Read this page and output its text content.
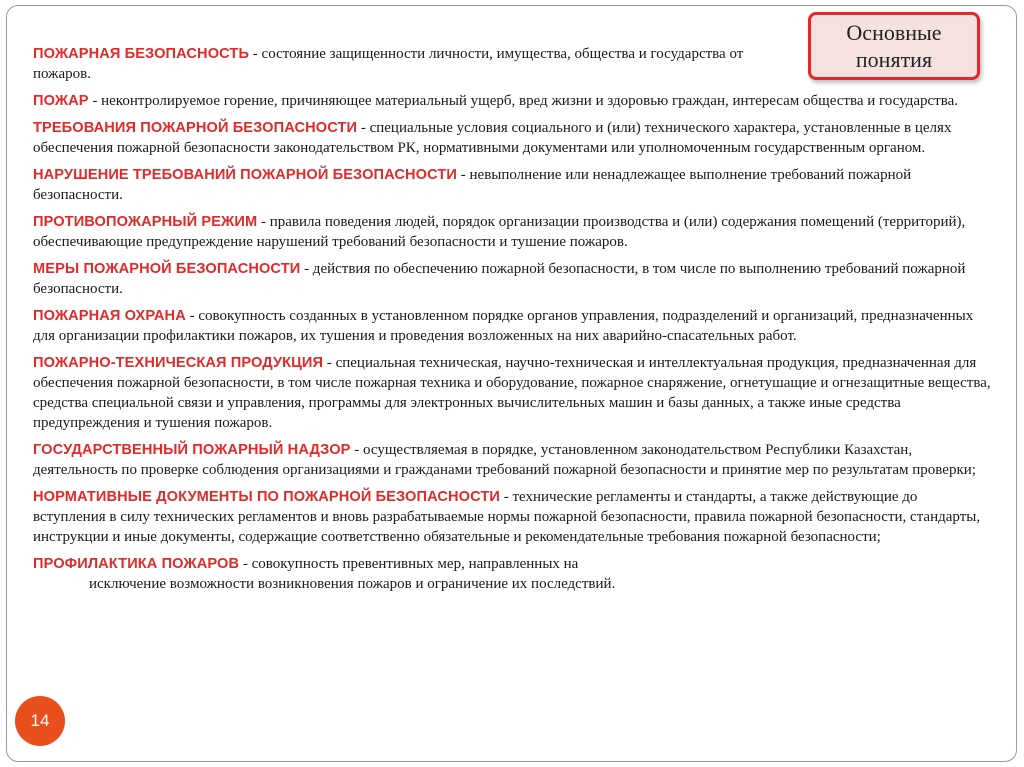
Основные понятия

ПОЖАРНАЯ БЕЗОПАСНОСТЬ - состояние защищенности личности, имущества, общества и государства от пожаров.

ПОЖАР - неконтролируемое горение, причиняющее материальный ущерб, вред жизни и здоровью граждан, интересам общества и государства.

ТРЕБОВАНИЯ ПОЖАРНОЙ БЕЗОПАСНОСТИ - специальные условия социального и (или) технического характера, установленные в целях обеспечения пожарной безопасности законодательством РК, нормативными документами или уполномоченным государственным органом.

НАРУШЕНИЕ ТРЕБОВАНИЙ ПОЖАРНОЙ БЕЗОПАСНОСТИ - невыполнение или ненадлежащее выполнение требований пожарной безопасности.

ПРОТИВОПОЖАРНЫЙ РЕЖИМ - правила поведения людей, порядок организации производства и (или) содержания помещений (территорий), обеспечивающие предупреждение нарушений требований безопасности и тушение пожаров.

МЕРЫ ПОЖАРНОЙ БЕЗОПАСНОСТИ - действия по обеспечению пожарной безопасности, в том числе по выполнению требований пожарной безопасности.

ПОЖАРНАЯ ОХРАНА - совокупность созданных в установленном порядке органов управления, подразделений и организаций, предназначенных для организации профилактики пожаров, их тушения и проведения возложенных на них аварийно-спасательных работ.

ПОЖАРНО-ТЕХНИЧЕСКАЯ ПРОДУКЦИЯ - специальная техническая, научно-техническая и интеллектуальная продукция, предназначенная для обеспечения пожарной безопасности, в том числе пожарная техника и оборудование, пожарное снаряжение, огнетушащие и огнезащитные вещества, средства специальной связи и управления, программы для электронных вычислительных машин и базы данных, а также иные средства предупреждения и тушения пожаров.

ГОСУДАРСТВЕННЫЙ ПОЖАРНЫЙ НАДЗОР - осуществляемая в порядке, установленном законодательством Республики Казахстан, деятельность по проверке соблюдения организациями и гражданами требований пожарной безопасности и принятие мер по результатам проверки;

НОРМАТИВНЫЕ ДОКУМЕНТЫ ПО ПОЖАРНОЙ БЕЗОПАСНОСТИ - технические регламенты и стандарты, а также действующие до вступления в силу технических регламентов и вновь разрабатываемые нормы пожарной безопасности, правила пожарной безопасности, стандарты, инструкции и иные документы, содержащие соответственно обязательные и рекомендательные требования пожарной безопасности;

ПРОФИЛАКТИКА ПОЖАРОВ - совокупность превентивных мер, направленных на
исключение возможности возникновения пожаров и ограничение их последствий.

14
